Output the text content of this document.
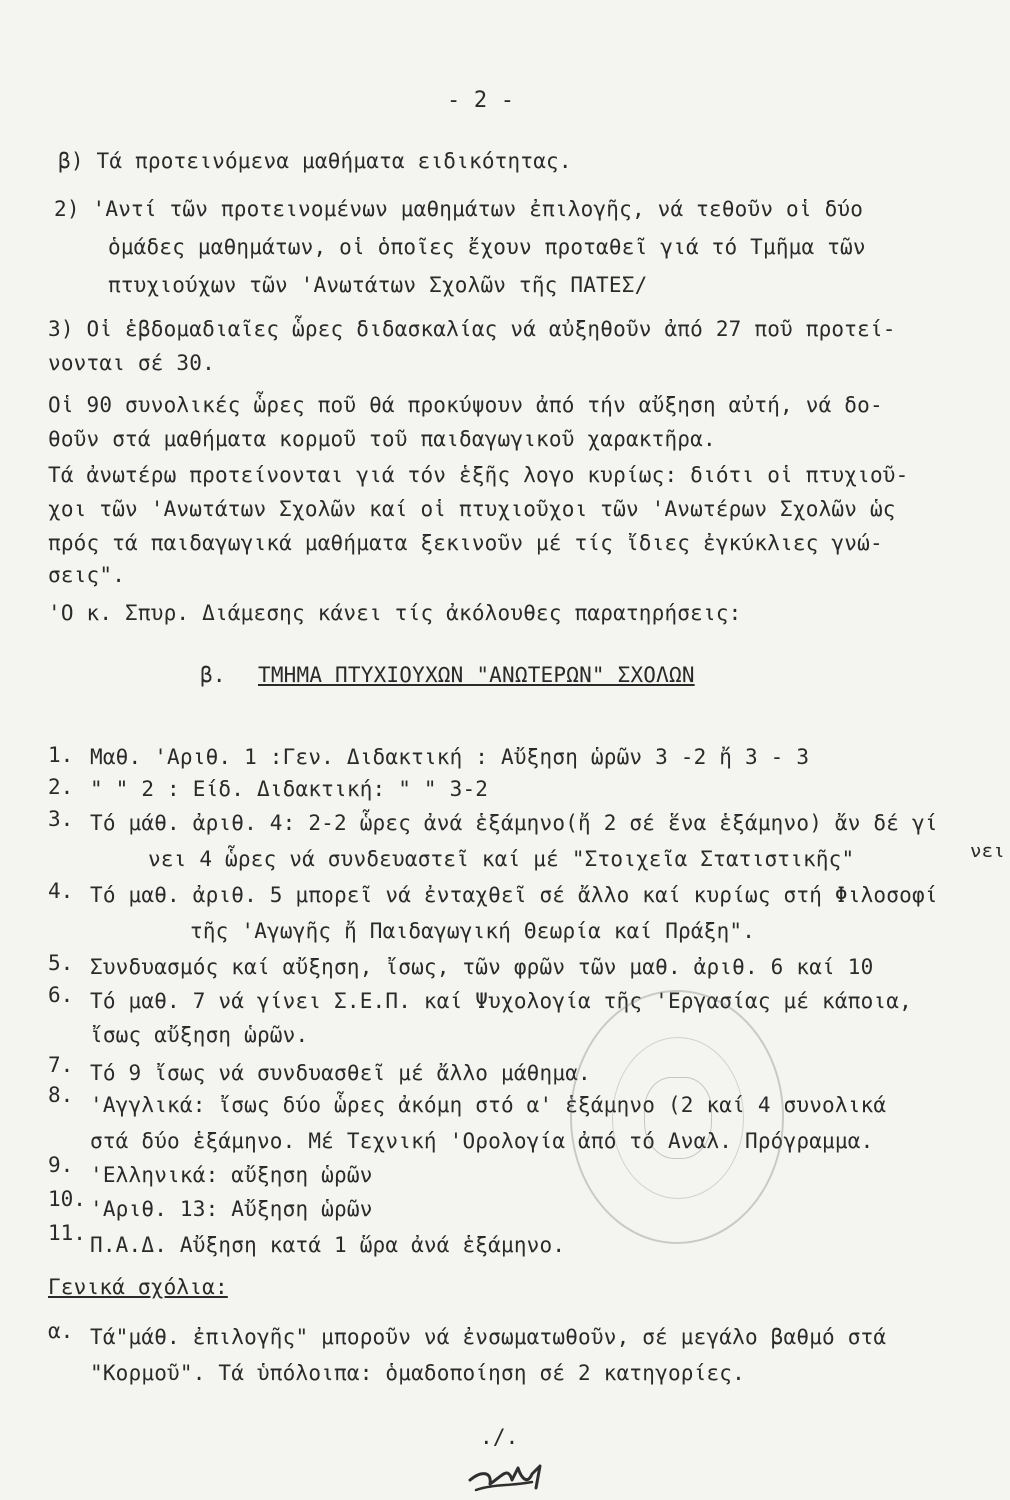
- 2 -
β) Τά προτεινόμενα μαθήματα ειδικότητας.
2) 'Αντί τῶν προτεινομένων μαθημάτων ἐπιλογῆς, νά τεθοῦν οἱ δύο
ὁμάδες μαθημάτων, οἱ ὁποῖες ἔχουν προταθεῖ γιά τό Τμῆμα τῶν
πτυχιούχων τῶν 'Ανωτάτων Σχολῶν τῆς ΠΑΤΕΣ/
3) Οἱ ἑβδομαδιαῖες ὧρες διδασκαλίας νά αὐξηθοῦν ἀπό 27 ποῦ προτεί-
νονται σέ 30.
Οἱ 90 συνολικές ὧρες ποῦ θά προκύψουν ἀπό τήν αὔξηση αὐτή, νά δο-
θοῦν στά μαθήματα κορμοῦ τοῦ παιδαγωγικοῦ χαρακτῆρα.
Τά ἀνωτέρω προτείνονται γιά τόν ἑξῆς λογο κυρίως: διότι οἱ πτυχιοῦ-
χοι τῶν 'Ανωτάτων Σχολῶν καί οἱ πτυχιοῦχοι τῶν 'Ανωτέρων Σχολῶν ὡς
πρός τά παιδαγωγικά μαθήματα ξεκινοῦν μέ τίς ἴδιες ἐγκύκλιες γνώ-
σεις".
'Ο κ. Σπυρ. Διάμεσης κάνει τίς ἀκόλουθες παρατηρήσεις:
β. ΤΜΗΜΑ ΠΤΥΧΙΟΥΧΩΝ "ΑΝΩΤΕΡΩΝ" ΣΧΟΛΩΝ
1. Μαθ. 'Αριθ. 1 :Γεν. Διδακτική : Αὔξηση ὡρῶν 3 -2 ἤ 3 - 3
2. " " 2 : Είδ. Διδακτική: " " 3-2
3. Τό μάθ. ἀριθ. 4: 2-2 ὧρες ἀνά ἑξάμηνο(ἤ 2 σέ ἕνα ἑξάμηνο) ἄν δέ γί
νει
νει 4 ὧρες νά συνδευαστεῖ καί μέ "Στοιχεῖα Στατιστικῆς"
4. Τό μαθ. ἀριθ. 5 μπορεῖ νά ἐνταχθεῖ σέ ἄλλο καί κυρίως στή Φιλοσοφί
τῆς 'Αγωγῆς ἤ Παιδαγωγική Θεωρία καί Πράξη".
5. Συνδυασμός καί αὔξηση, ἴσως, τῶν φρῶν τῶν μαθ. ἀριθ. 6 καί 10
6. Τό μαθ. 7 νά γίνει Σ.Ε.Π. καί Ψυχολογία τῆς 'Εργασίας μέ κάποια,
ἴσως αὔξηση ὡρῶν.
7. Τό 9 ἴσως νά συνδυασθεῖ μέ ἄλλο μάθημα.
8. 'Αγγλικά: ἴσως δύο ὧρες ἀκόμη στό α' ἑξάμηνο (2 καί 4 συνολικά
στά δύο ἑξάμηνο. Μέ Τεχνική 'Ορολογία ἀπό τό Αναλ. Πρόγραμμα.
9. 'Ελληνικά: αὔξηση ὡρῶν
10. 'Αριθ. 13: Αὔξηση ὡρῶν
11. Π.Α.Δ. Αὔξηση κατά 1 ὥρα ἀνά ἑξάμηνο.
Γενικά σχόλια:
α. Τά"μάθ. ἐπιλογῆς" μποροῦν νά ἐνσωματωθοῦν, σέ μεγάλο βαθμό στά
"Κορμοῦ". Τά ὑπόλοιπα: ὁμαδοποίηση σέ 2 κατηγορίες.
./.
